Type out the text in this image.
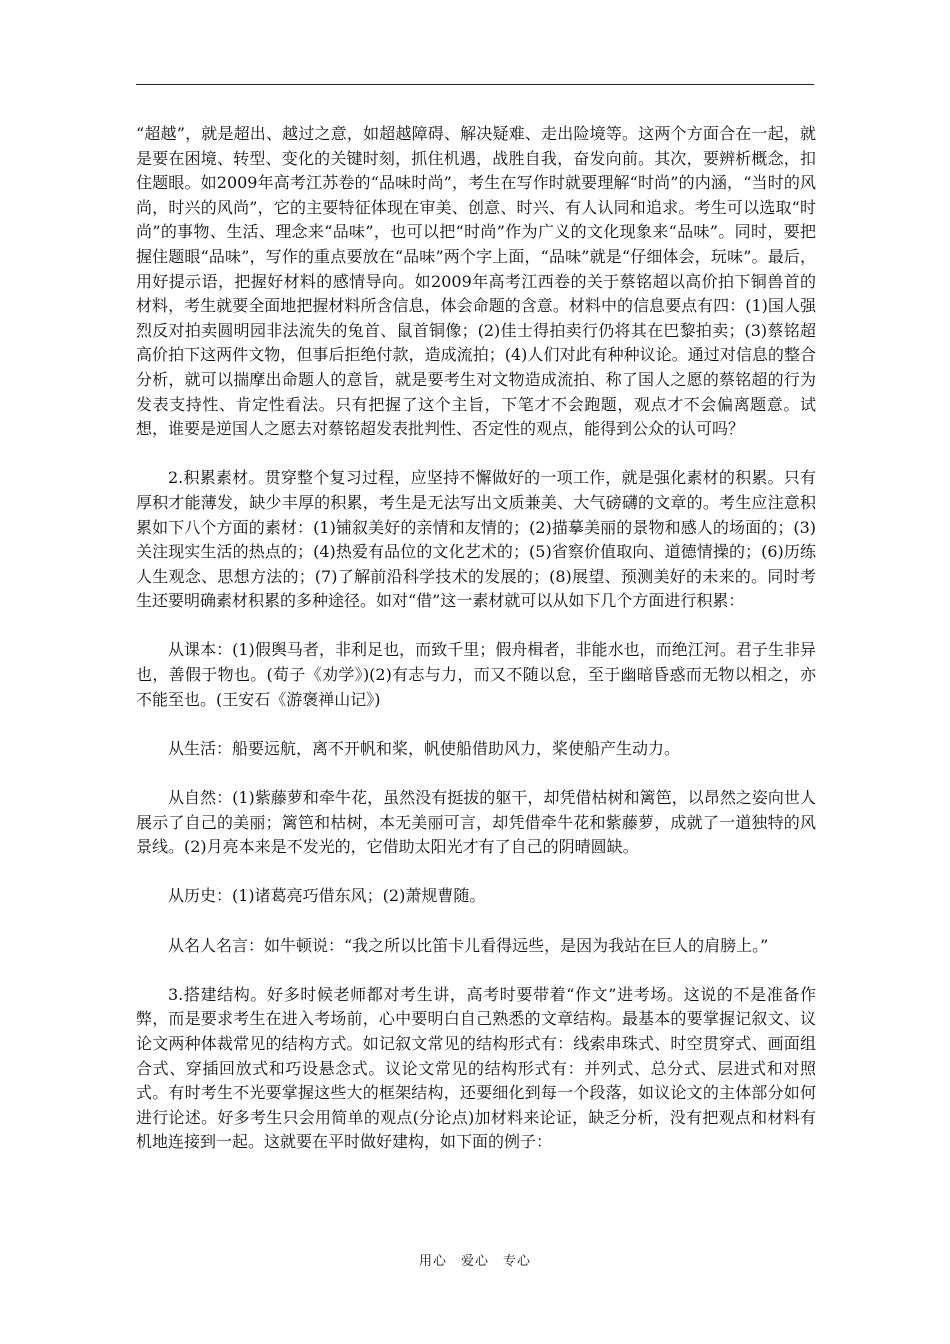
“超越”，就是超出、越过之意，如超越障碍、解决疑难、走出险境等。这两个方面合在一起，就是要在困境、转型、变化的关键时刻，抓住机遇，战胜自我，奋发向前。其次，要辨析概念，扣住题眼。如2009年高考江苏卷的“品味时尚”，考生在写作时就要理解“时尚”的内涵，“当时的风尚，时兴的风尚”，它的主要特征体现在审美、创意、时兴、有人认同和追求。考生可以选取“时尚”的事物、生活、理念来“品味”，也可以把“时尚”作为广义的文化现象来“品味”。同时，要把握住题眼“品味”，写作的重点要放在“品味”两个字上面，“品味”就是“仔细体会，玩味”。最后，用好提示语，把握好材料的感情导向。如2009年高考江西卷的关于蔡铭超以高价拍下铜兽首的材料，考生就要全面地把握材料所含信息，体会命题的含意。材料中的信息要点有四：(1)国人强烈反对拍卖圆明园非法流失的兔首、鼠首铜像；(2)佳士得拍卖行仍将其在巴黎拍卖；(3)蔡铭超高价拍下这两件文物，但事后拒绝付款，造成流拍；(4)人们对此有种种议论。通过对信息的整合分析，就可以揣摩出命题人的意旨，就是要考生对文物造成流拍、称了国人之愿的蔡铭超的行为发表支持性、肯定性看法。只有把握了这个主旨，下笔才不会跑题，观点才不会偏离题意。试想，谁要是逆国人之愿去对蔡铭超发表批判性、否定性的观点，能得到公众的认可吗？

2.积累素材。贯穿整个复习过程，应坚持不懈做好的一项工作，就是强化素材的积累。只有厚积才能薄发，缺少丰厚的积累，考生是无法写出文质兼美、大气磅礴的文章的。考生应注意积累如下八个方面的素材：(1)铺叙美好的亲情和友情的；(2)描摹美丽的景物和感人的场面的；(3)关注现实生活的热点的；(4)热爱有品位的文化艺术的；(5)省察价值取向、道德情操的；(6)历练人生观念、思想方法的；(7)了解前沿科学技术的发展的；(8)展望、预测美好的未来的。同时考生还要明确素材积累的多种途径。如对“借”这一素材就可以从如下几个方面进行积累：

从课本：(1)假舆马者，非利足也，而致千里；假舟楫者，非能水也，而绝江河。君子生非异也，善假于物也。(荀子《劝学》)(2)有志与力，而又不随以怠，至于幽暗昏惑而无物以相之，亦不能至也。(王安石《游褒禅山记》)

从生活：船要远航，离不开帆和桨，帆使船借助风力，桨使船产生动力。

从自然：(1)紫藤萝和牵牛花，虽然没有挺拔的躯干，却凭借枯树和篱笆，以昂然之姿向世人展示了自己的美丽；篱笆和枯树，本无美丽可言，却凭借牵牛花和紫藤萝，成就了一道独特的风景线。(2)月亮本来是不发光的，它借助太阳光才有了自己的阴晴圆缺。

从历史：(1)诸葛亮巧借东风；(2)萧规曹随。

从名人名言：如牛顿说：“我之所以比笛卡儿看得远些，是因为我站在巨人的肩膀上。”

3.搭建结构。好多时候老师都对考生讲，高考时要带着“作文”进考场。这说的不是准备作弊，而是要求考生在进入考场前，心中要明白自己熟悉的文章结构。最基本的要掌握记叙文、议论文两种体裁常见的结构方式。如记叙文常见的结构形式有：线索串珠式、时空贯穿式、画面组合式、穿插回放式和巧设悬念式。议论文常见的结构形式有：并列式、总分式、层进式和对照式。有时考生不光要掌握这些大的框架结构，还要细化到每一个段落，如议论文的主体部分如何进行论述。好多考生只会用简单的观点(分论点)加材料来论证，缺乏分析，没有把观点和材料有机地连接到一起。这就要在平时做好建构，如下面的例子：

用心　爱心　专心
